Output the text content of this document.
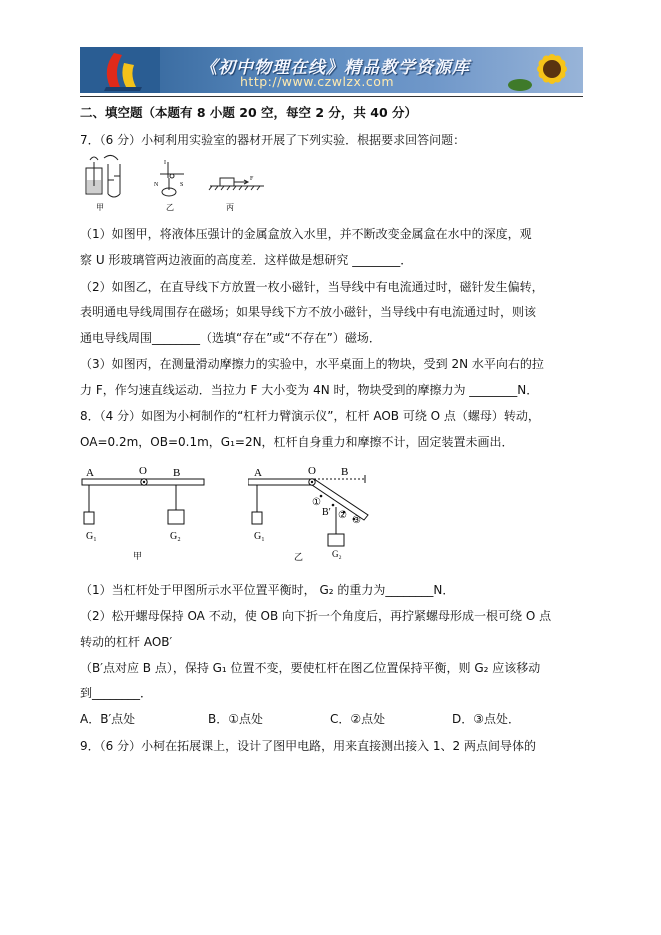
《初中物理在线》精品教学资源库
http://www.czwlzx.com
二、填空题（本题有 8 小题 20 空，每空 2 分，共 40 分）
7．（6 分）小柯利用实验室的器材开展了下列实验．根据要求回答问题：
甲
I
N	S
乙
F
丙
（1）如图甲，将液体压强计的金属盒放入水里，并不断改变金属盒在水中的深度，观
察 U 形玻璃管两边液面的高度差．这样做是想研究 ________．
（2）如图乙，在直导线下方放置一枚小磁针，当导线中有电流通过时，磁针发生偏转，
表明通电导线周围存在磁场；如果导线下方不放小磁针，当导线中有电流通过时，则该
通电导线周围________（选填“存在”或“不存在”）磁场．
（3）如图丙，在测量滑动摩擦力的实验中，水平桌面上的物块，受到 2N 水平向右的拉
力 F，作匀速直线运动．当拉力 F 大小变为 4N 时，物块受到的摩擦力为 ________N．
8．（4 分）如图为小柯制作的“杠杆力臂演示仪”，杠杆 AOB 可绕 O 点（螺母）转动，
OA=0.2m，OB=0.1m，G₁=2N，杠杆自身重力和摩擦不计，固定装置未画出．
A	O B
G₁	G₂
甲
A	O B
G₁
①
② ③
B′
G₂
乙
（1）当杠杆处于甲图所示水平位置平衡时， G₂ 的重力为________N．
（2）松开螺母保持 OA 不动，使 OB 向下折一个角度后，再拧紧螺母形成一根可绕 O 点
转动的杠杆 AOB′
（B′点对应 B 点），保持 G₁ 位置不变，要使杠杆在图乙位置保持平衡，则 G₂ 应该移动
到________．
A．B′点处	B．①点处	C．②点处	D．③点处．
9．（6 分）小柯在拓展课上，设计了图甲电路，用来直接测出接入 1、2 两点间导体的
